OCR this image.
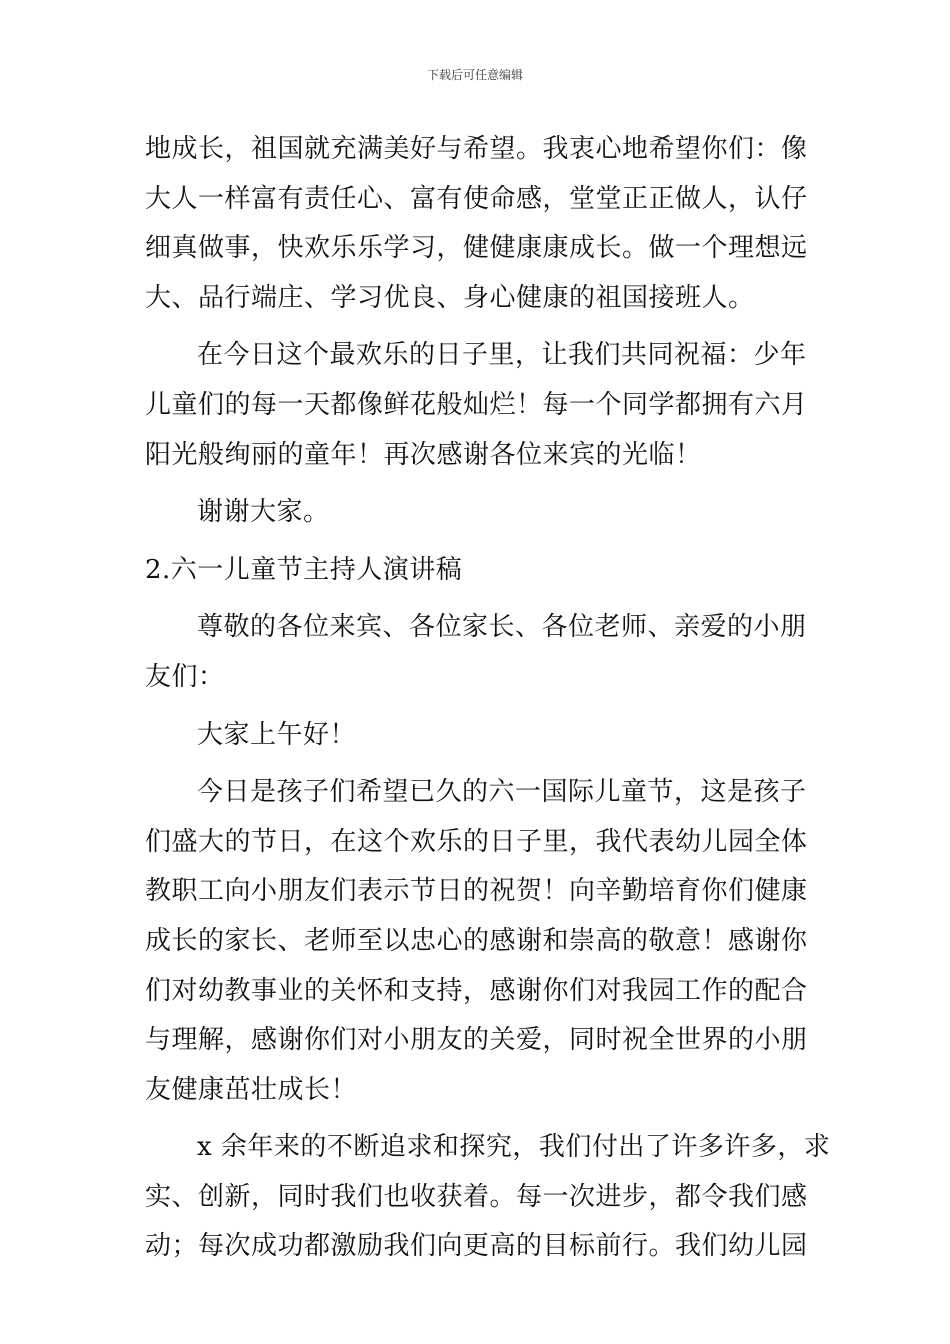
下载后可任意编辑
地成长，祖国就充满美好与希望。我衷心地希望你们：像
大人一样富有责任心、富有使命感，堂堂正正做人，认仔
细真做事，快欢乐乐学习，健健康康成长。做一个理想远
大、品行端庄、学习优良、身心健康的祖国接班人。
在今日这个最欢乐的日子里，让我们共同祝福：少年
儿童们的每一天都像鲜花般灿烂！每一个同学都拥有六月
阳光般绚丽的童年！再次感谢各位来宾的光临！
谢谢大家。
2.六一儿童节主持人演讲稿
尊敬的各位来宾、各位家长、各位老师、亲爱的小朋
友们：
大家上午好！
今日是孩子们希望已久的六一国际儿童节，这是孩子
们盛大的节日，在这个欢乐的日子里，我代表幼儿园全体
教职工向小朋友们表示节日的祝贺！向辛勤培育你们健康
成长的家长、老师至以忠心的感谢和崇高的敬意！感谢你
们对幼教事业的关怀和支持，感谢你们对我园工作的配合
与理解，感谢你们对小朋友的关爱，同时祝全世界的小朋
友健康茁壮成长！
x 余年来的不断追求和探究，我们付出了许多许多，求
实、创新，同时我们也收获着。每一次进步，都令我们感
动；每次成功都激励我们向更高的目标前行。我们幼儿园
